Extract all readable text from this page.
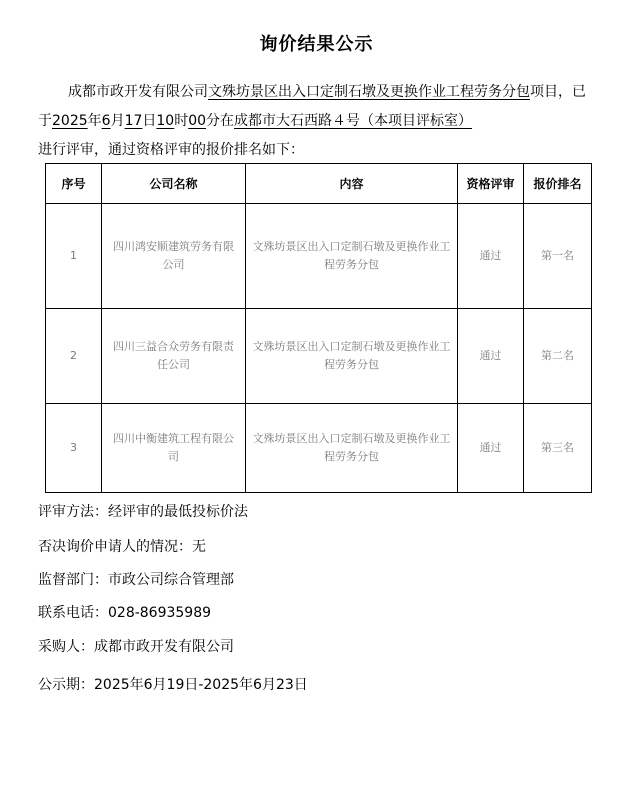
询价结果公示
成都市政开发有限公司文殊坊景区出入口定制石墩及更换作业工程劳务分包项目，已于2025年6月17日10时00分在成都市大石西路４号（本项目评标室）
进行评审，通过资格评审的报价排名如下：
序号	公司名称	内容	资格评审	报价排名
1	四川鸿安顺建筑劳务有限公司	文殊坊景区出入口定制石墩及更换作业工程劳务分包	通过	第一名
2	四川三益合众劳务有限责任公司	文殊坊景区出入口定制石墩及更换作业工程劳务分包	通过	第二名
3	四川中衡建筑工程有限公司	文殊坊景区出入口定制石墩及更换作业工程劳务分包	通过	第三名
评审方法：经评审的最低投标价法
否决询价申请人的情况：无
监督部门：市政公司综合管理部
联系电话：028-86935989
采购人：成都市政开发有限公司
公示期：2025年6月19日-2025年6月23日
